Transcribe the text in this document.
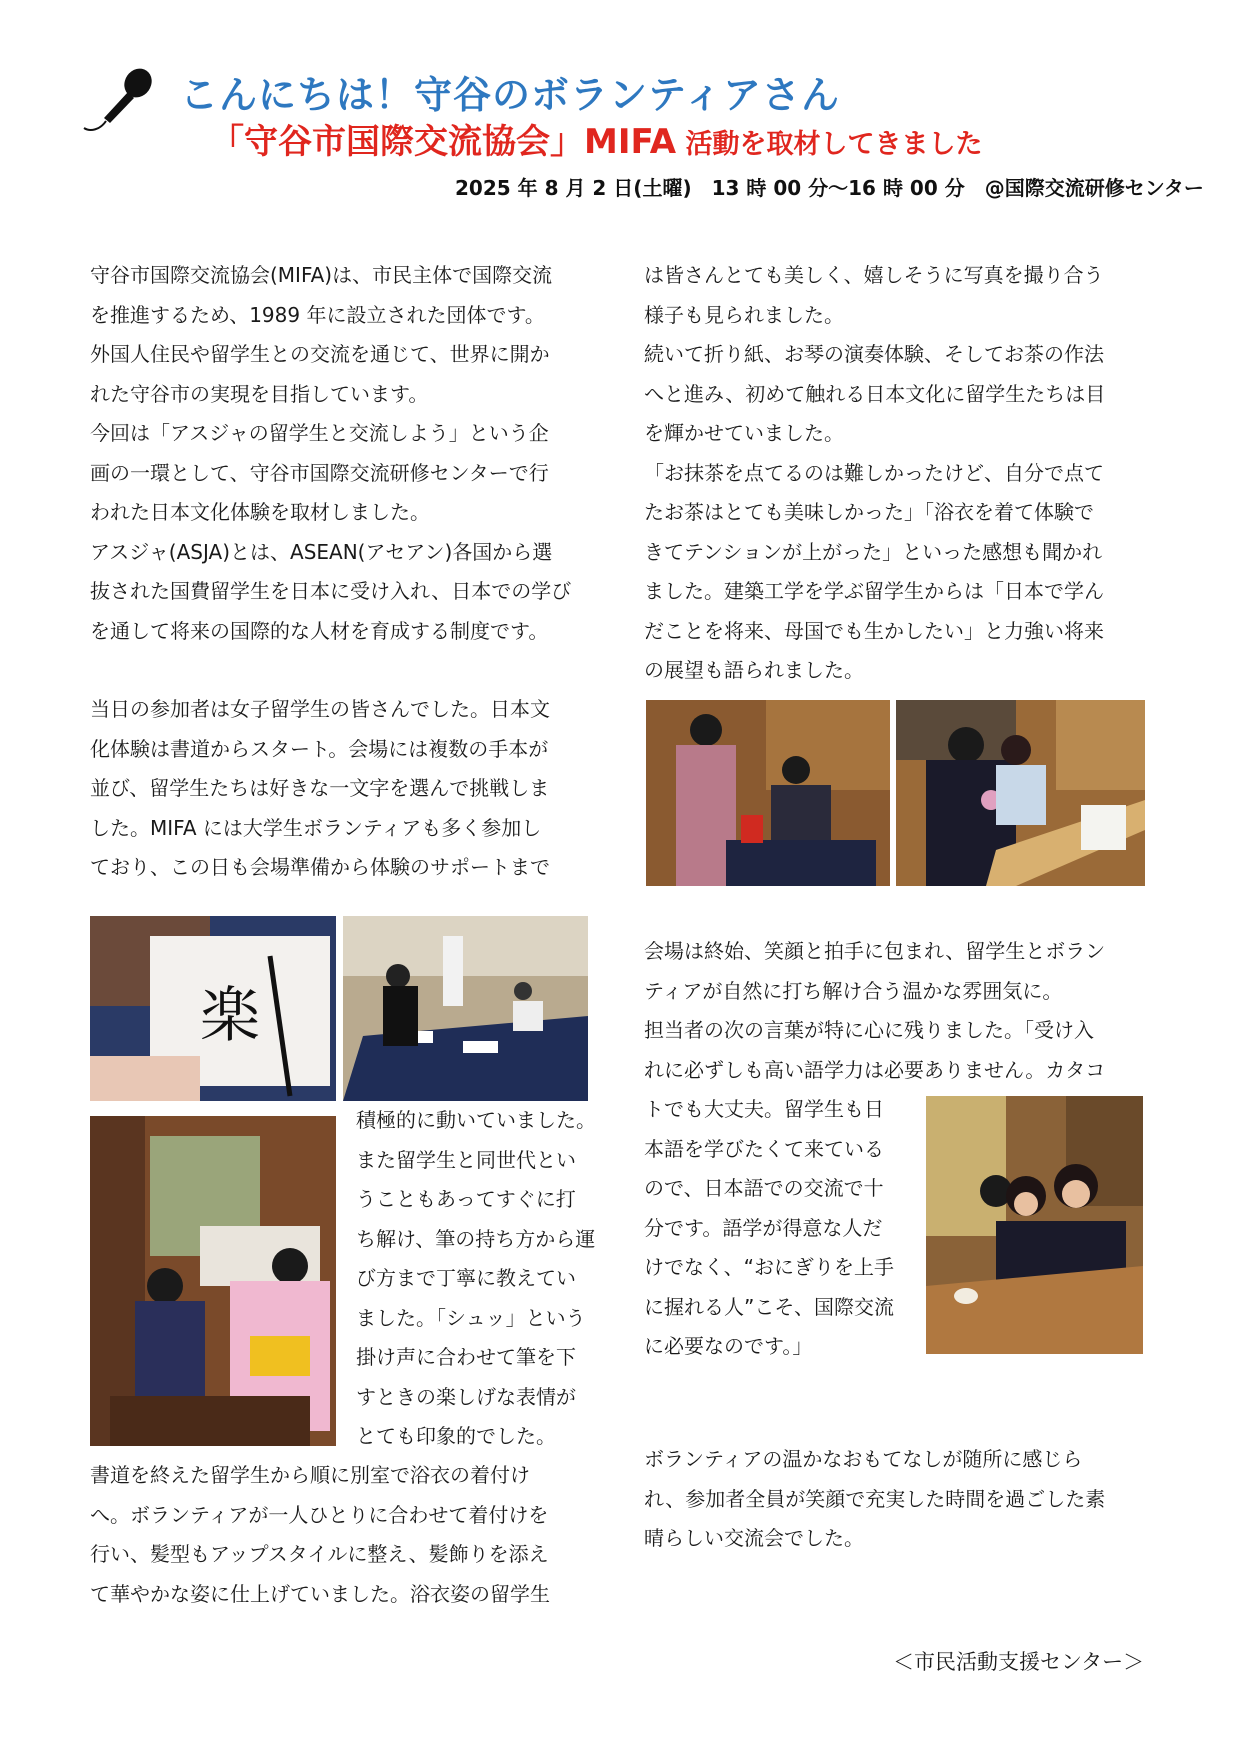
こんにちは！守谷のボランティアさん
「守谷市国際交流協会」MIFA 活動を取材してきました
2025 年 8 月 2 日(土曜)　13 時 00 分～16 時 00 分　@国際交流研修センター
守谷市国際交流協会(MIFA)は、市民主体で国際交流
を推進するため、1989 年に設立された団体です。
外国人住民や留学生との交流を通じて、世界に開か
れた守谷市の実現を目指しています。
今回は「アスジャの留学生と交流しよう」という企
画の一環として、守谷市国際交流研修センターで行
われた日本文化体験を取材しました。
アスジャ(ASJA)とは、ASEAN(アセアン)各国から選
抜された国費留学生を日本に受け入れ、日本での学び
を通して将来の国際的な人材を育成する制度です。
当日の参加者は女子留学生の皆さんでした。日本文
化体験は書道からスタート。会場には複数の手本が
並び、留学生たちは好きな一文字を選んで挑戦しま
した。MIFA には大学生ボランティアも多く参加し
ており、この日も会場準備から体験のサポートまで
楽
積極的に動いていました。
また留学生と同世代とい
うこともあってすぐに打
ち解け、筆の持ち方から運
び方まで丁寧に教えてい
ました。「シュッ」という
掛け声に合わせて筆を下
すときの楽しげな表情が
とても印象的でした。
書道を終えた留学生から順に別室で浴衣の着付け
へ。ボランティアが一人ひとりに合わせて着付けを
行い、髪型もアップスタイルに整え、髪飾りを添え
て華やかな姿に仕上げていました。浴衣姿の留学生
は皆さんとても美しく、嬉しそうに写真を撮り合う
様子も見られました。
続いて折り紙、お琴の演奏体験、そしてお茶の作法
へと進み、初めて触れる日本文化に留学生たちは目
を輝かせていました。
「お抹茶を点てるのは難しかったけど、自分で点て
たお茶はとても美味しかった」「浴衣を着て体験で
きてテンションが上がった」といった感想も聞かれ
ました。建築工学を学ぶ留学生からは「日本で学ん
だことを将来、母国でも生かしたい」と力強い将来
の展望も語られました。
会場は終始、笑顔と拍手に包まれ、留学生とボラン
ティアが自然に打ち解け合う温かな雰囲気に。
担当者の次の言葉が特に心に残りました。「受け入
れに必ずしも高い語学力は必要ありません。カタコ
トでも大丈夫。留学生も日
本語を学びたくて来ている
ので、日本語での交流で十
分です。語学が得意な人だ
けでなく、“おにぎりを上手
に握れる人”こそ、国際交流
に必要なのです。」
ボランティアの温かなおもてなしが随所に感じら
れ、参加者全員が笑顔で充実した時間を過ごした素
晴らしい交流会でした。
＜市民活動支援センター＞
